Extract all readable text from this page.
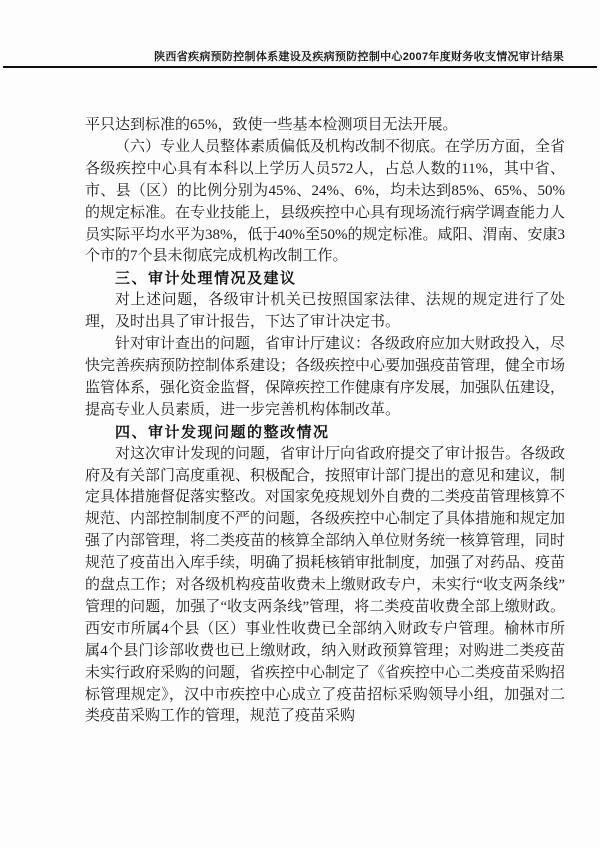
陕西省疾病预防控制体系建设及疾病预防控制中心2007年度财务收支情况审计结果

平只达到标准的65%，致使一些基本检测项目无法开展。

（六）专业人员整体素质偏低及机构改制不彻底。在学历方面，全省各级疾控中心具有本科以上学历人员572人，占总人数的11%，其中省、市、县（区）的比例分别为45%、24%、6%，均未达到85%、65%、50%的规定标准。在专业技能上，县级疾控中心具有现场流行病学调查能力人员实际平均水平为38%，低于40%至50%的规定标准。咸阳、渭南、安康3个市的7个县未彻底完成机构改制工作。

三、审计处理情况及建议

对上述问题，各级审计机关已按照国家法律、法规的规定进行了处理，及时出具了审计报告，下达了审计决定书。

针对审计查出的问题，省审计厅建议：各级政府应加大财政投入，尽快完善疾病预防控制体系建设；各级疾控中心要加强疫苗管理，健全市场监管体系，强化资金监督，保障疾控工作健康有序发展，加强队伍建设，提高专业人员素质，进一步完善机构体制改革。

四、审计发现问题的整改情况

对这次审计发现的问题，省审计厅向省政府提交了审计报告。各级政府及有关部门高度重视、积极配合，按照审计部门提出的意见和建议，制定具体措施督促落实整改。对国家免疫规划外自费的二类疫苗管理核算不规范、内部控制制度不严的问题，各级疾控中心制定了具体措施和规定加强了内部管理，将二类疫苗的核算全部纳入单位财务统一核算管理，同时规范了疫苗出入库手续，明确了损耗核销审批制度，加强了对药品、疫苗的盘点工作；对各级机构疫苗收费未上缴财政专户，未实行“收支两条线”管理的问题，加强了“收支两条线”管理，将二类疫苗收费全部上缴财政。西安市所属4个县（区）事业性收费已全部纳入财政专户管理。榆林市所属4个县门诊部收费也已上缴财政，纳入财政预算管理；对购进二类疫苗未实行政府采购的问题，省疾控中心制定了《省疾控中心二类疫苗采购招标管理规定》，汉中市疾控中心成立了疫苗招标采购领导小组，加强对二类疫苗采购工作的管理，规范了疫苗采购
